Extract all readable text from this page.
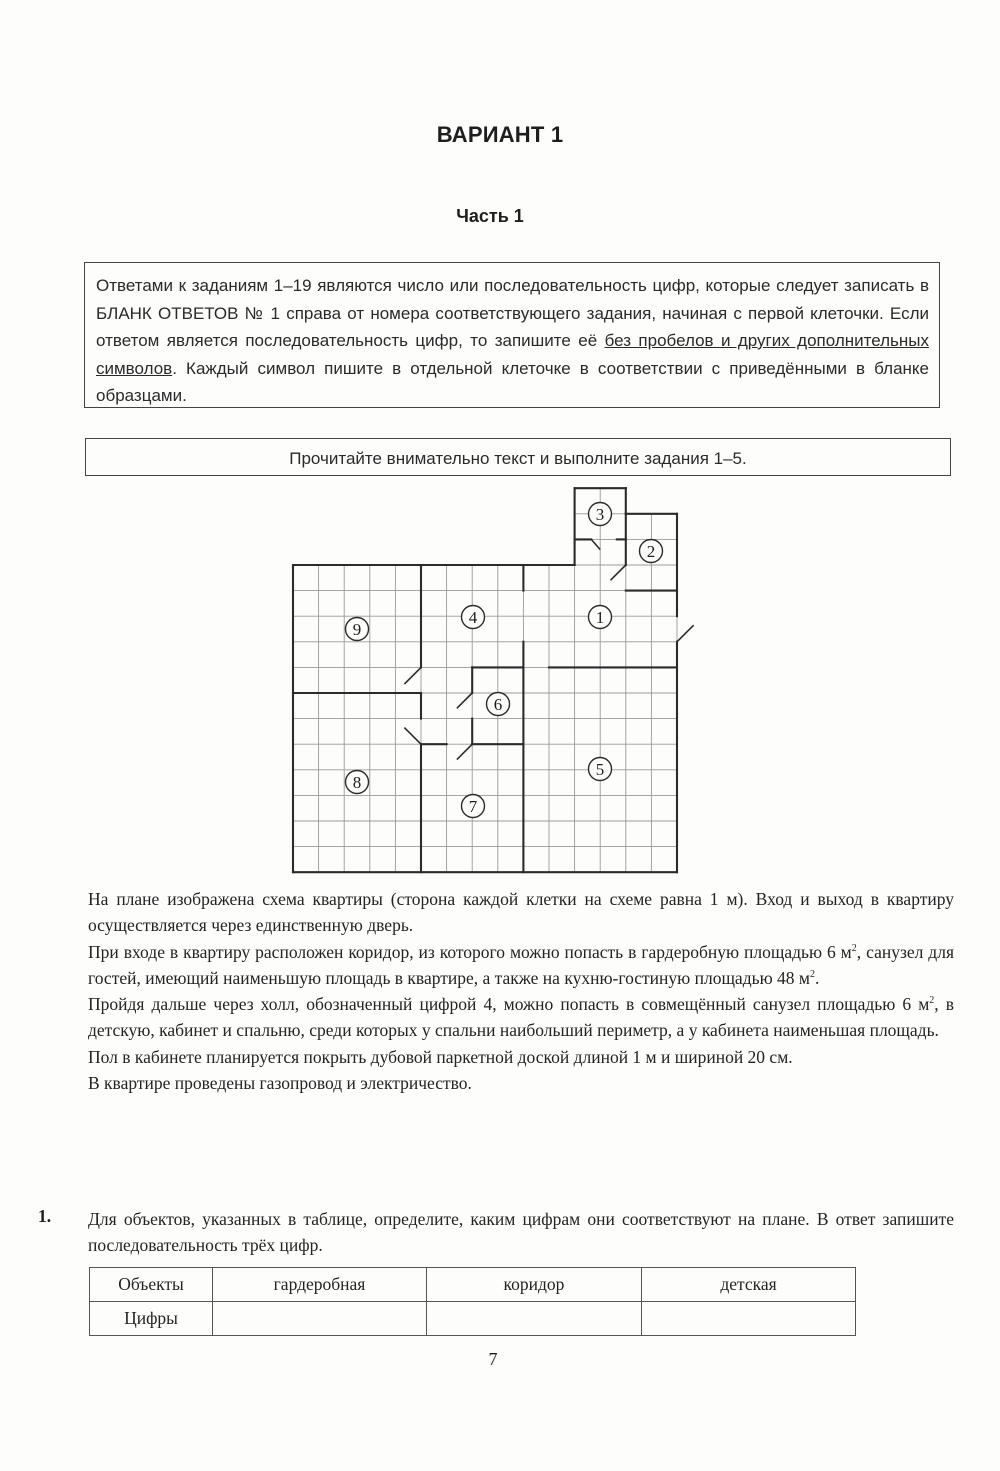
ВАРИАНТ 1
Часть 1
Ответами к заданиям 1–19 являются число или последовательность цифр, которые следует записать в БЛАНК ОТВЕТОВ № 1 справа от номера соответствующего задания, начиная с первой клеточки. Если ответом является последовательность цифр, то запишите её без пробелов и других дополнительных символов. Каждый символ пишите в отдельной клеточке в соответствии с приведёнными в бланке образцами.
Прочитайте внимательно текст и выполните задания 1–5.
1
2
3
4
5
6
7
8
9

На плане изображена схема квартиры (сторона каждой клетки на схеме равна 1 м). Вход и выход в квартиру осуществляется через единственную дверь.

При входе в квартиру расположен коридор, из которого можно попасть в гардеробную площадью 6 $м^2$, санузел для гостей, имеющий наименьшую площадь в квартире, а также на кухню-гостиную площадью 48 $м^2$.

Пройдя дальше через холл, обозначенный цифрой 4, можно попасть в совмещённый санузел площадью 6 $м^2$, в детскую, кабинет и спальню, среди которых у спальни наибольший периметр, а у кабинета наименьшая площадь.

Пол в кабинете планируется покрыть дубовой паркетной доской длиной 1 м и шириной 20 см.

В квартире проведены газопровод и электричество.

1. Для объектов, указанных в таблице, определите, каким цифрам они соответствуют на плане. В ответ запишите последовательность трёх цифр.
Объекты	гардеробная	коридор	детская
Цифры			
7
